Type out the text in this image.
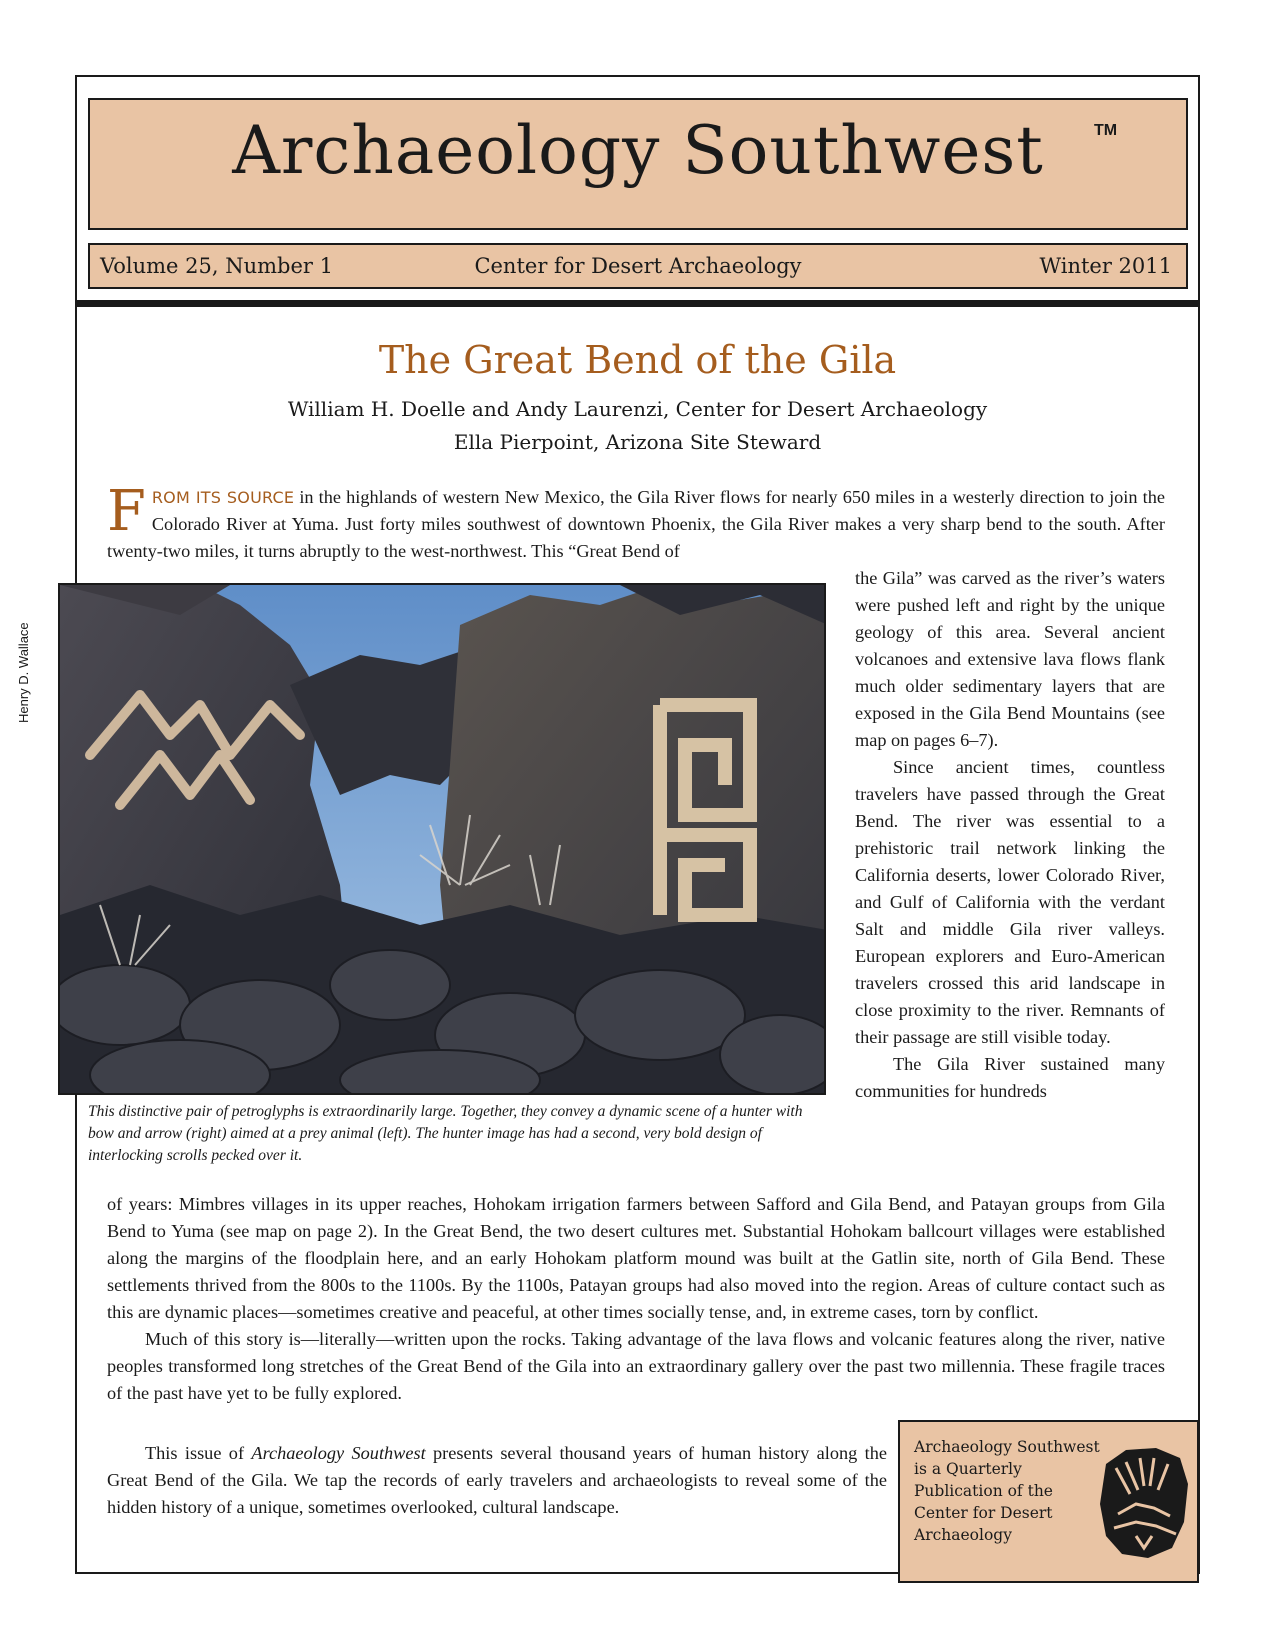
Archaeology Southwest	TM
Volume 25, Number 1	Center for Desert Archaeology	Winter 2011
The Great Bend of the Gila
William H. Doelle and Andy Laurenzi, Center for Desert Archaeology
Ella Pierpoint, Arizona Site Steward

FROM ITS SOURCE in the highlands of western New Mexico, the Gila River flows for nearly 650 miles in a westerly direction to join the Colorado River at Yuma. Just forty miles southwest of downtown Phoenix, the Gila River makes a very sharp bend to the south. After twenty-two miles, it turns abruptly to the west-northwest. This “Great Bend of

Henry D. Wallace
This distinctive pair of petroglyphs is extraordinarily large. Together, they convey a dynamic scene of a hunter with bow and arrow (right) aimed at a prey animal (left). The hunter image has had a second, very bold design of interlocking scrolls pecked over it.

the Gila” was carved as the river’s waters were pushed left and right by the unique geology of this area. Several ancient volcanoes and extensive lava flows flank much older sedimentary layers that are exposed in the Gila Bend Mountains (see map on pages 6–7).

Since ancient times, countless travelers have passed through the Great Bend. The river was essential to a prehistoric trail network linking the California deserts, lower Colorado River, and Gulf of California with the verdant Salt and middle Gila river valleys. European explorers and Euro-American travelers crossed this arid landscape in close proximity to the river. Remnants of their passage are still visible today.

The Gila River sustained many communities for hundreds

of years: Mimbres villages in its upper reaches, Hohokam irrigation farmers between Safford and Gila Bend, and Patayan groups from Gila Bend to Yuma (see map on page 2). In the Great Bend, the two desert cultures met. Substantial Hohokam ballcourt villages were established along the margins of the floodplain here, and an early Hohokam platform mound was built at the Gatlin site, north of Gila Bend. These settlements thrived from the 800s to the 1100s. By the 1100s, Patayan groups had also moved into the region. Areas of culture contact such as this are dynamic places—sometimes creative and peaceful, at other times socially tense, and, in extreme cases, torn by conflict.

Much of this story is—literally—written upon the rocks. Taking advantage of the lava flows and volcanic features along the river, native peoples transformed long stretches of the Great Bend of the Gila into an extraordinary gallery over the past two millennia. These fragile traces of the past have yet to be fully explored.

This issue of Archaeology Southwest presents several thousand years of human history along the Great Bend of the Gila. We tap the records of early travelers and archaeologists to reveal some of the hidden history of a unique, sometimes overlooked, cultural landscape.

Archaeology Southwest
is a Quarterly
Publication of the
Center for Desert
Archaeology
